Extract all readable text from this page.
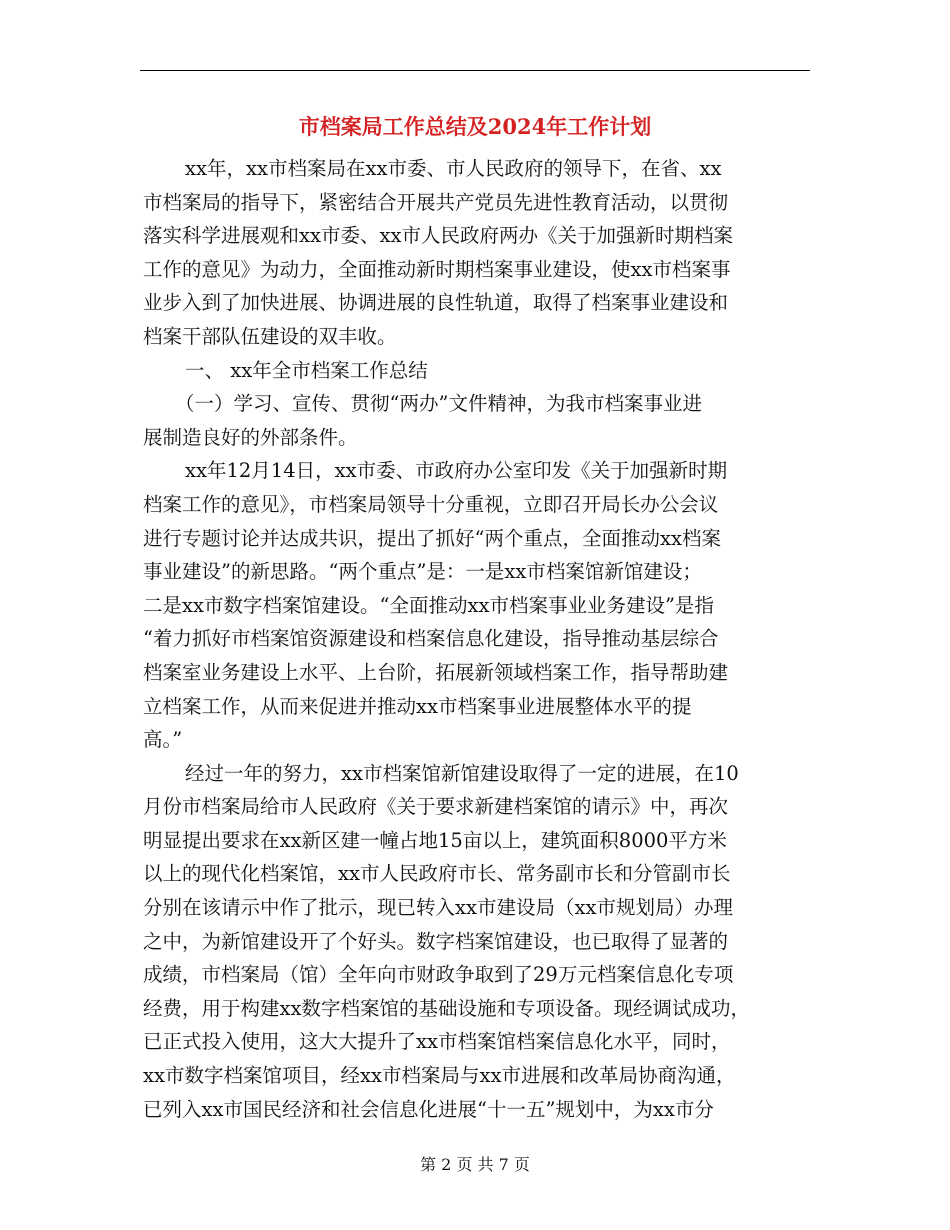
市档案局工作总结及2024年工作计划
xx年，xx市档案局在xx市委、市人民政府的领导下，在省、xx
市档案局的指导下，紧密结合开展共产党员先进性教育活动，以贯彻
落实科学进展观和xx市委、xx市人民政府两办《关于加强新时期档案
工作的意见》为动力，全面推动新时期档案事业建设，使xx市档案事
业步入到了加快进展、协调进展的良性轨道，取得了档案事业建设和
档案干部队伍建设的双丰收。
一、 xx年全市档案工作总结
（一）学习、宣传、贯彻“两办”文件精神，为我市档案事业进
展制造良好的外部条件。
xx年12月14日，xx市委、市政府办公室印发《关于加强新时期
档案工作的意见》，市档案局领导十分重视，立即召开局长办公会议
进行专题讨论并达成共识，提出了抓好“两个重点，全面推动xx档案
事业建设”的新思路。“两个重点”是：一是xx市档案馆新馆建设；
二是xx市数字档案馆建设。“全面推动xx市档案事业业务建设”是指
“着力抓好市档案馆资源建设和档案信息化建设，指导推动基层综合
档案室业务建设上水平、上台阶，拓展新领域档案工作，指导帮助建
立档案工作，从而来促进并推动xx市档案事业进展整体水平的提
高。”
经过一年的努力，xx市档案馆新馆建设取得了一定的进展，在10
月份市档案局给市人民政府《关于要求新建档案馆的请示》中，再次
明显提出要求在xx新区建一幢占地15亩以上，建筑面积8000平方米
以上的现代化档案馆，xx市人民政府市长、常务副市长和分管副市长
分别在该请示中作了批示，现已转入xx市建设局（xx市规划局）办理
之中，为新馆建设开了个好头。数字档案馆建设，也已取得了显著的
成绩，市档案局（馆）全年向市财政争取到了29万元档案信息化专项
经费，用于构建xx数字档案馆的基础设施和专项设备。现经调试成功，
已正式投入使用，这大大提升了xx市档案馆档案信息化水平，同时，
xx市数字档案馆项目，经xx市档案局与xx市进展和改革局协商沟通，
已列入xx市国民经济和社会信息化进展“十一五”规划中，为xx市分
第 2 页 共 7 页
